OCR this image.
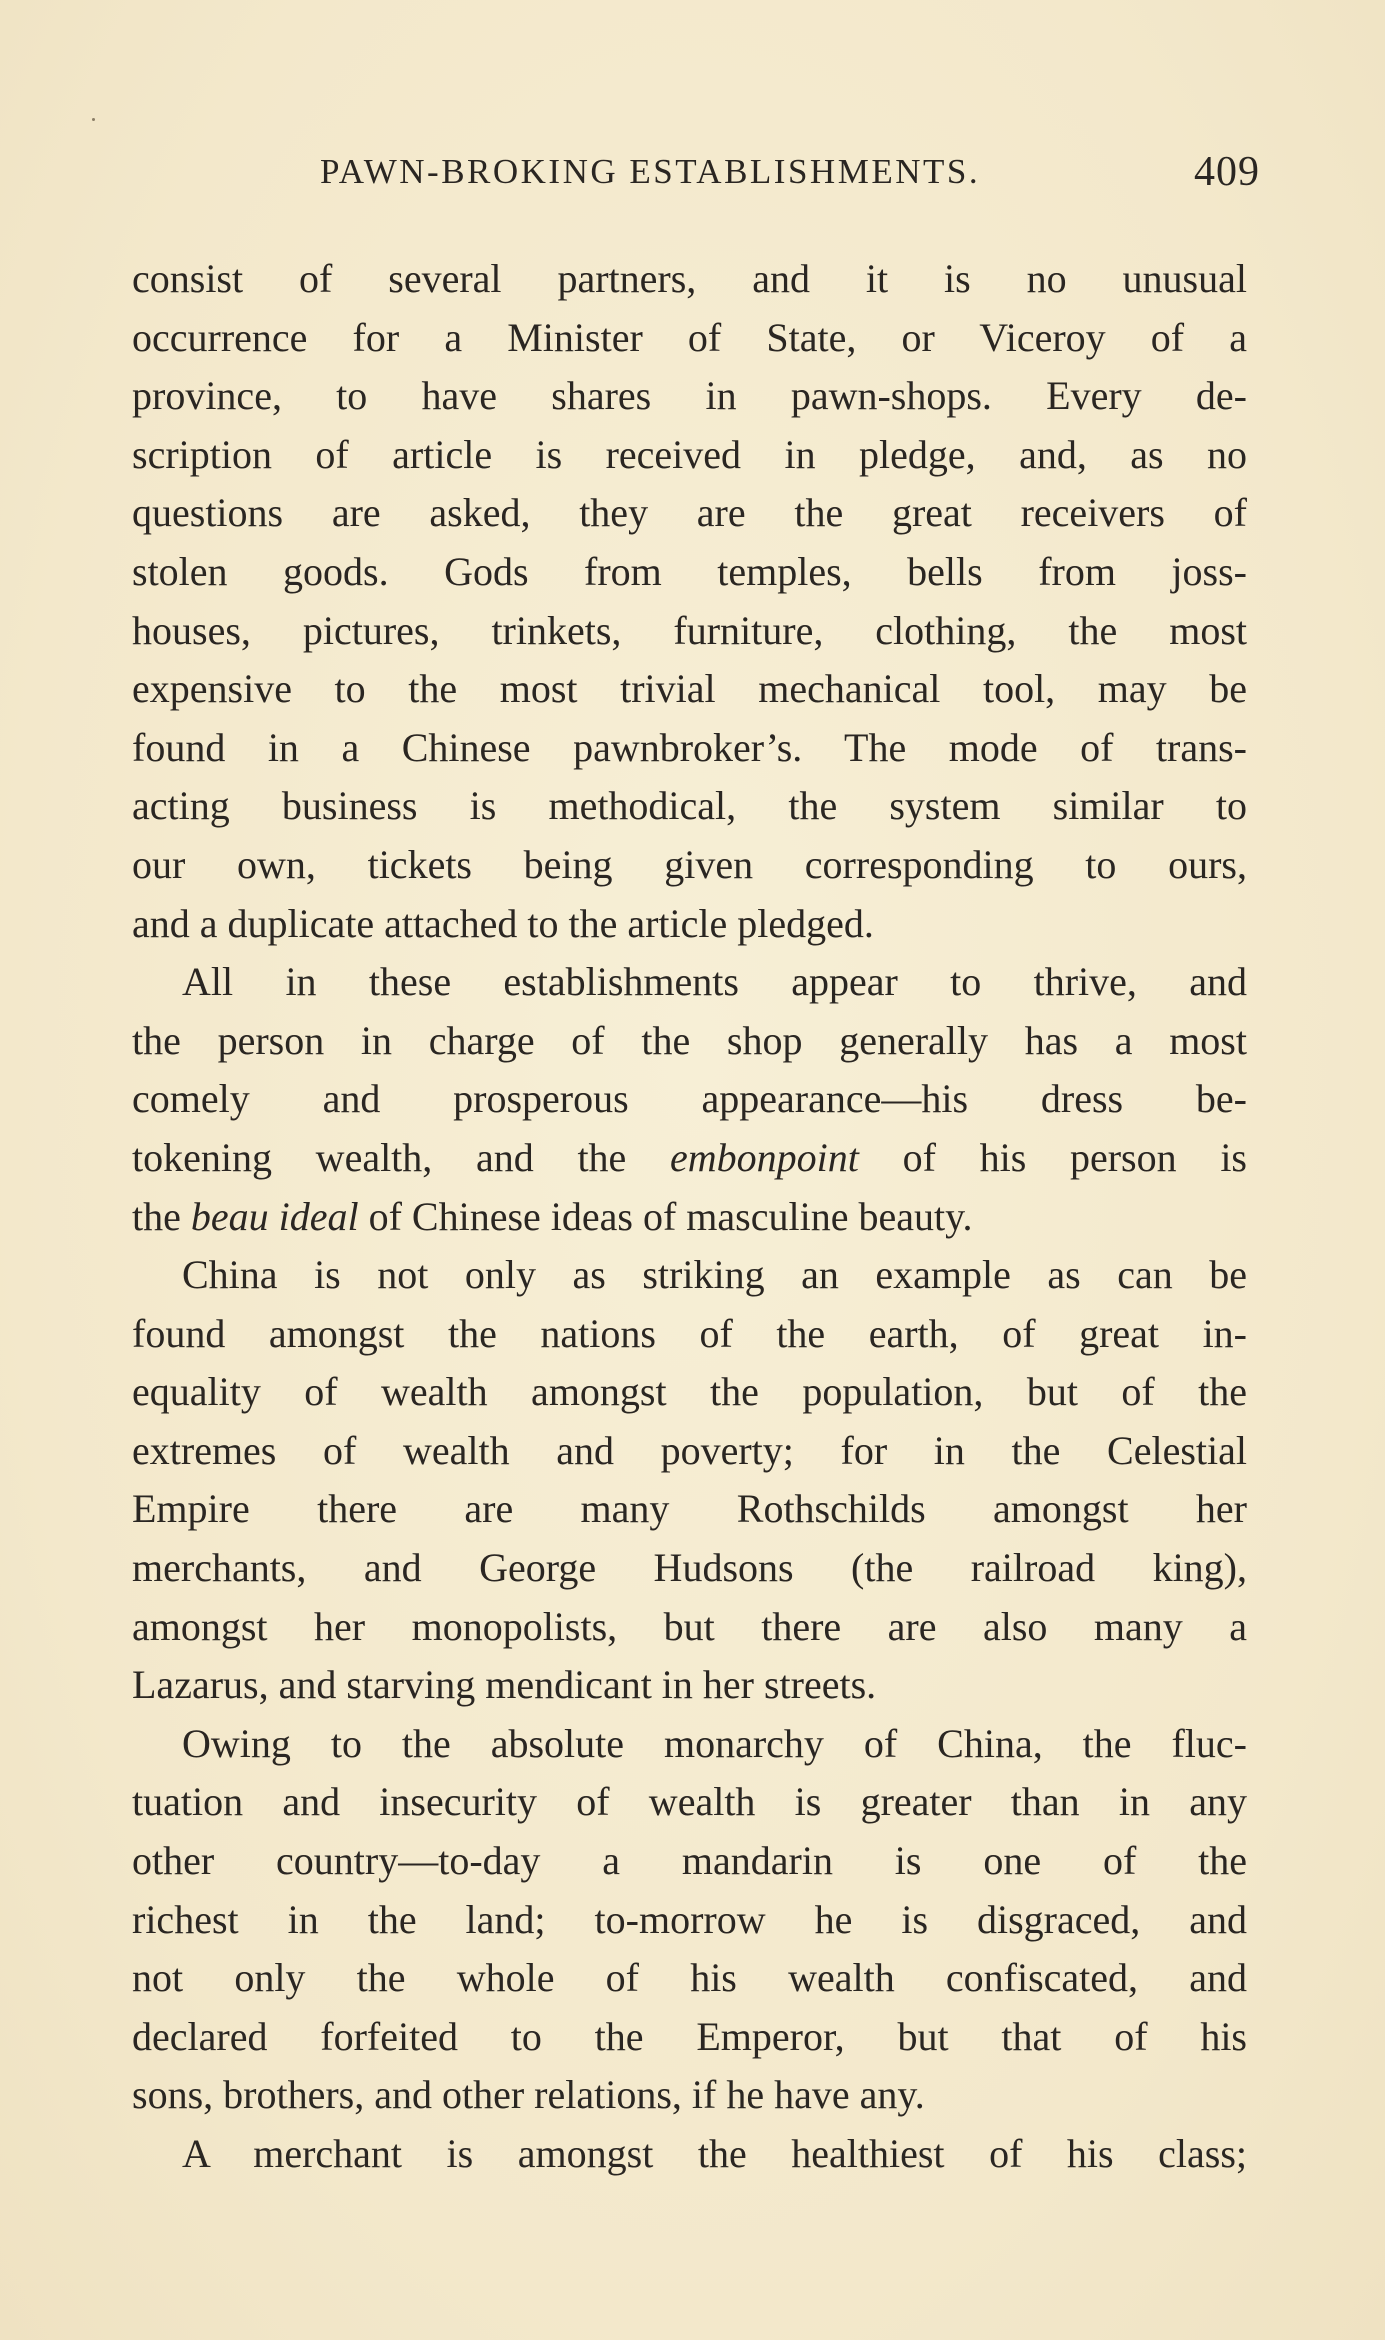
PAWN-BROKING ESTABLISHMENTS.	409
consist of several partners, and it is no unusual
occurrence for a Minister of State, or Viceroy of a
province, to have shares in pawn-shops. Every de-
scription of article is received in pledge, and, as no
questions are asked, they are the great receivers of
stolen goods. Gods from temples, bells from joss-
houses, pictures, trinkets, furniture, clothing, the most
expensive to the most trivial mechanical tool, may be
found in a Chinese pawnbroker’s. The mode of trans-
acting business is methodical, the system similar to
our own, tickets being given corresponding to ours,
and a duplicate attached to the article pledged.
All in these establishments appear to thrive, and
the person in charge of the shop generally has a most
comely and prosperous appearance—his dress be-
tokening wealth, and the embonpoint of his person is
the beau ideal of Chinese ideas of masculine beauty.
China is not only as striking an example as can be
found amongst the nations of the earth, of great in-
equality of wealth amongst the population, but of the
extremes of wealth and poverty; for in the Celestial
Empire there are many Rothschilds amongst her
merchants, and George Hudsons (the railroad king),
amongst her monopolists, but there are also many a
Lazarus, and starving mendicant in her streets.
Owing to the absolute monarchy of China, the fluc-
tuation and insecurity of wealth is greater than in any
other country—to-day a mandarin is one of the
richest in the land; to-morrow he is disgraced, and
not only the whole of his wealth confiscated, and
declared forfeited to the Emperor, but that of his
sons, brothers, and other relations, if he have any.
A merchant is amongst the healthiest of his class;
